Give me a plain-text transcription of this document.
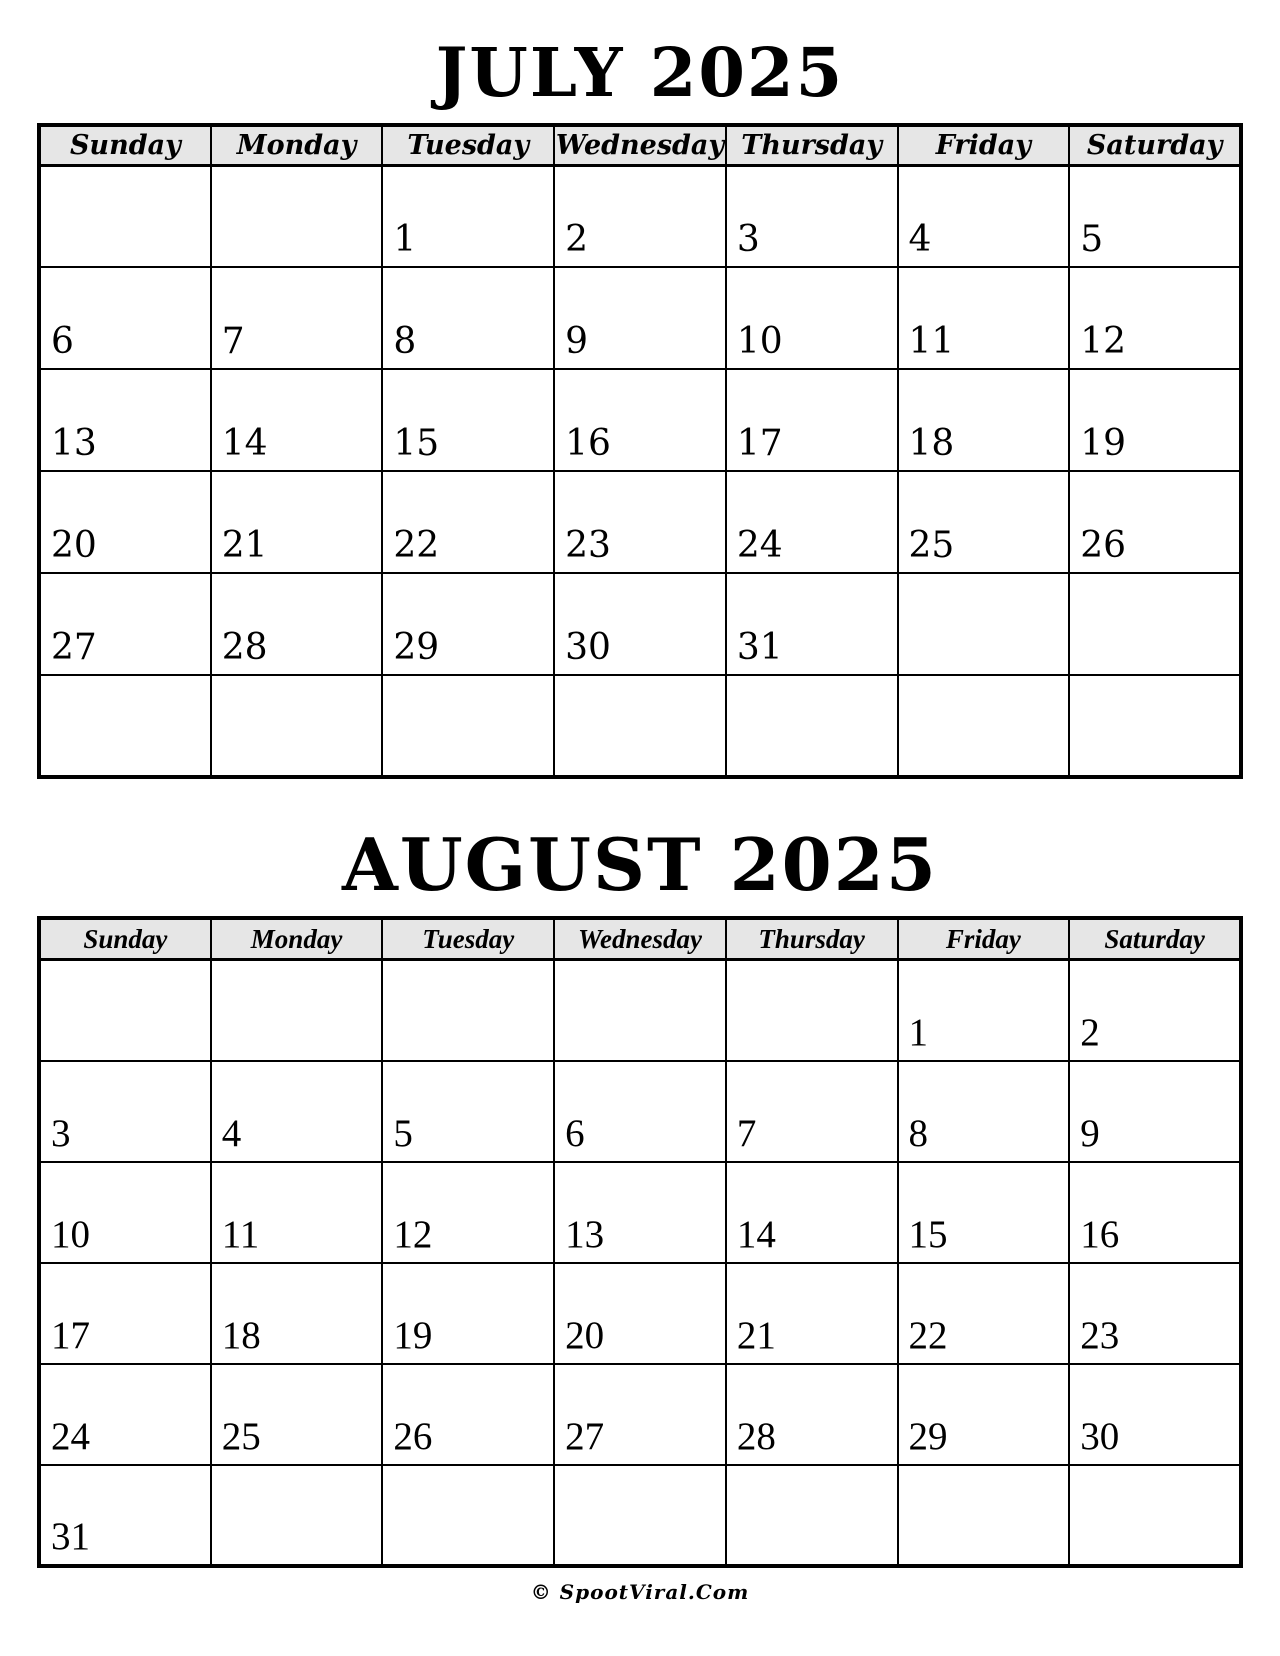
JULY 2025
Sunday	Monday	Tuesday	Wednesday	Thursday	Friday	Saturday
		1	2	3	4	5
6	7	8	9	10	11	12
13	14	15	16	17	18	19
20	21	22	23	24	25	26
27	28	29	30	31		

AUGUST 2025
Sunday	Monday	Tuesday	Wednesday	Thursday	Friday	Saturday
					1	2
3	4	5	6	7	8	9
10	11	12	13	14	15	16
17	18	19	20	21	22	23
24	25	26	27	28	29	30
31						
© SpootViral.Com
